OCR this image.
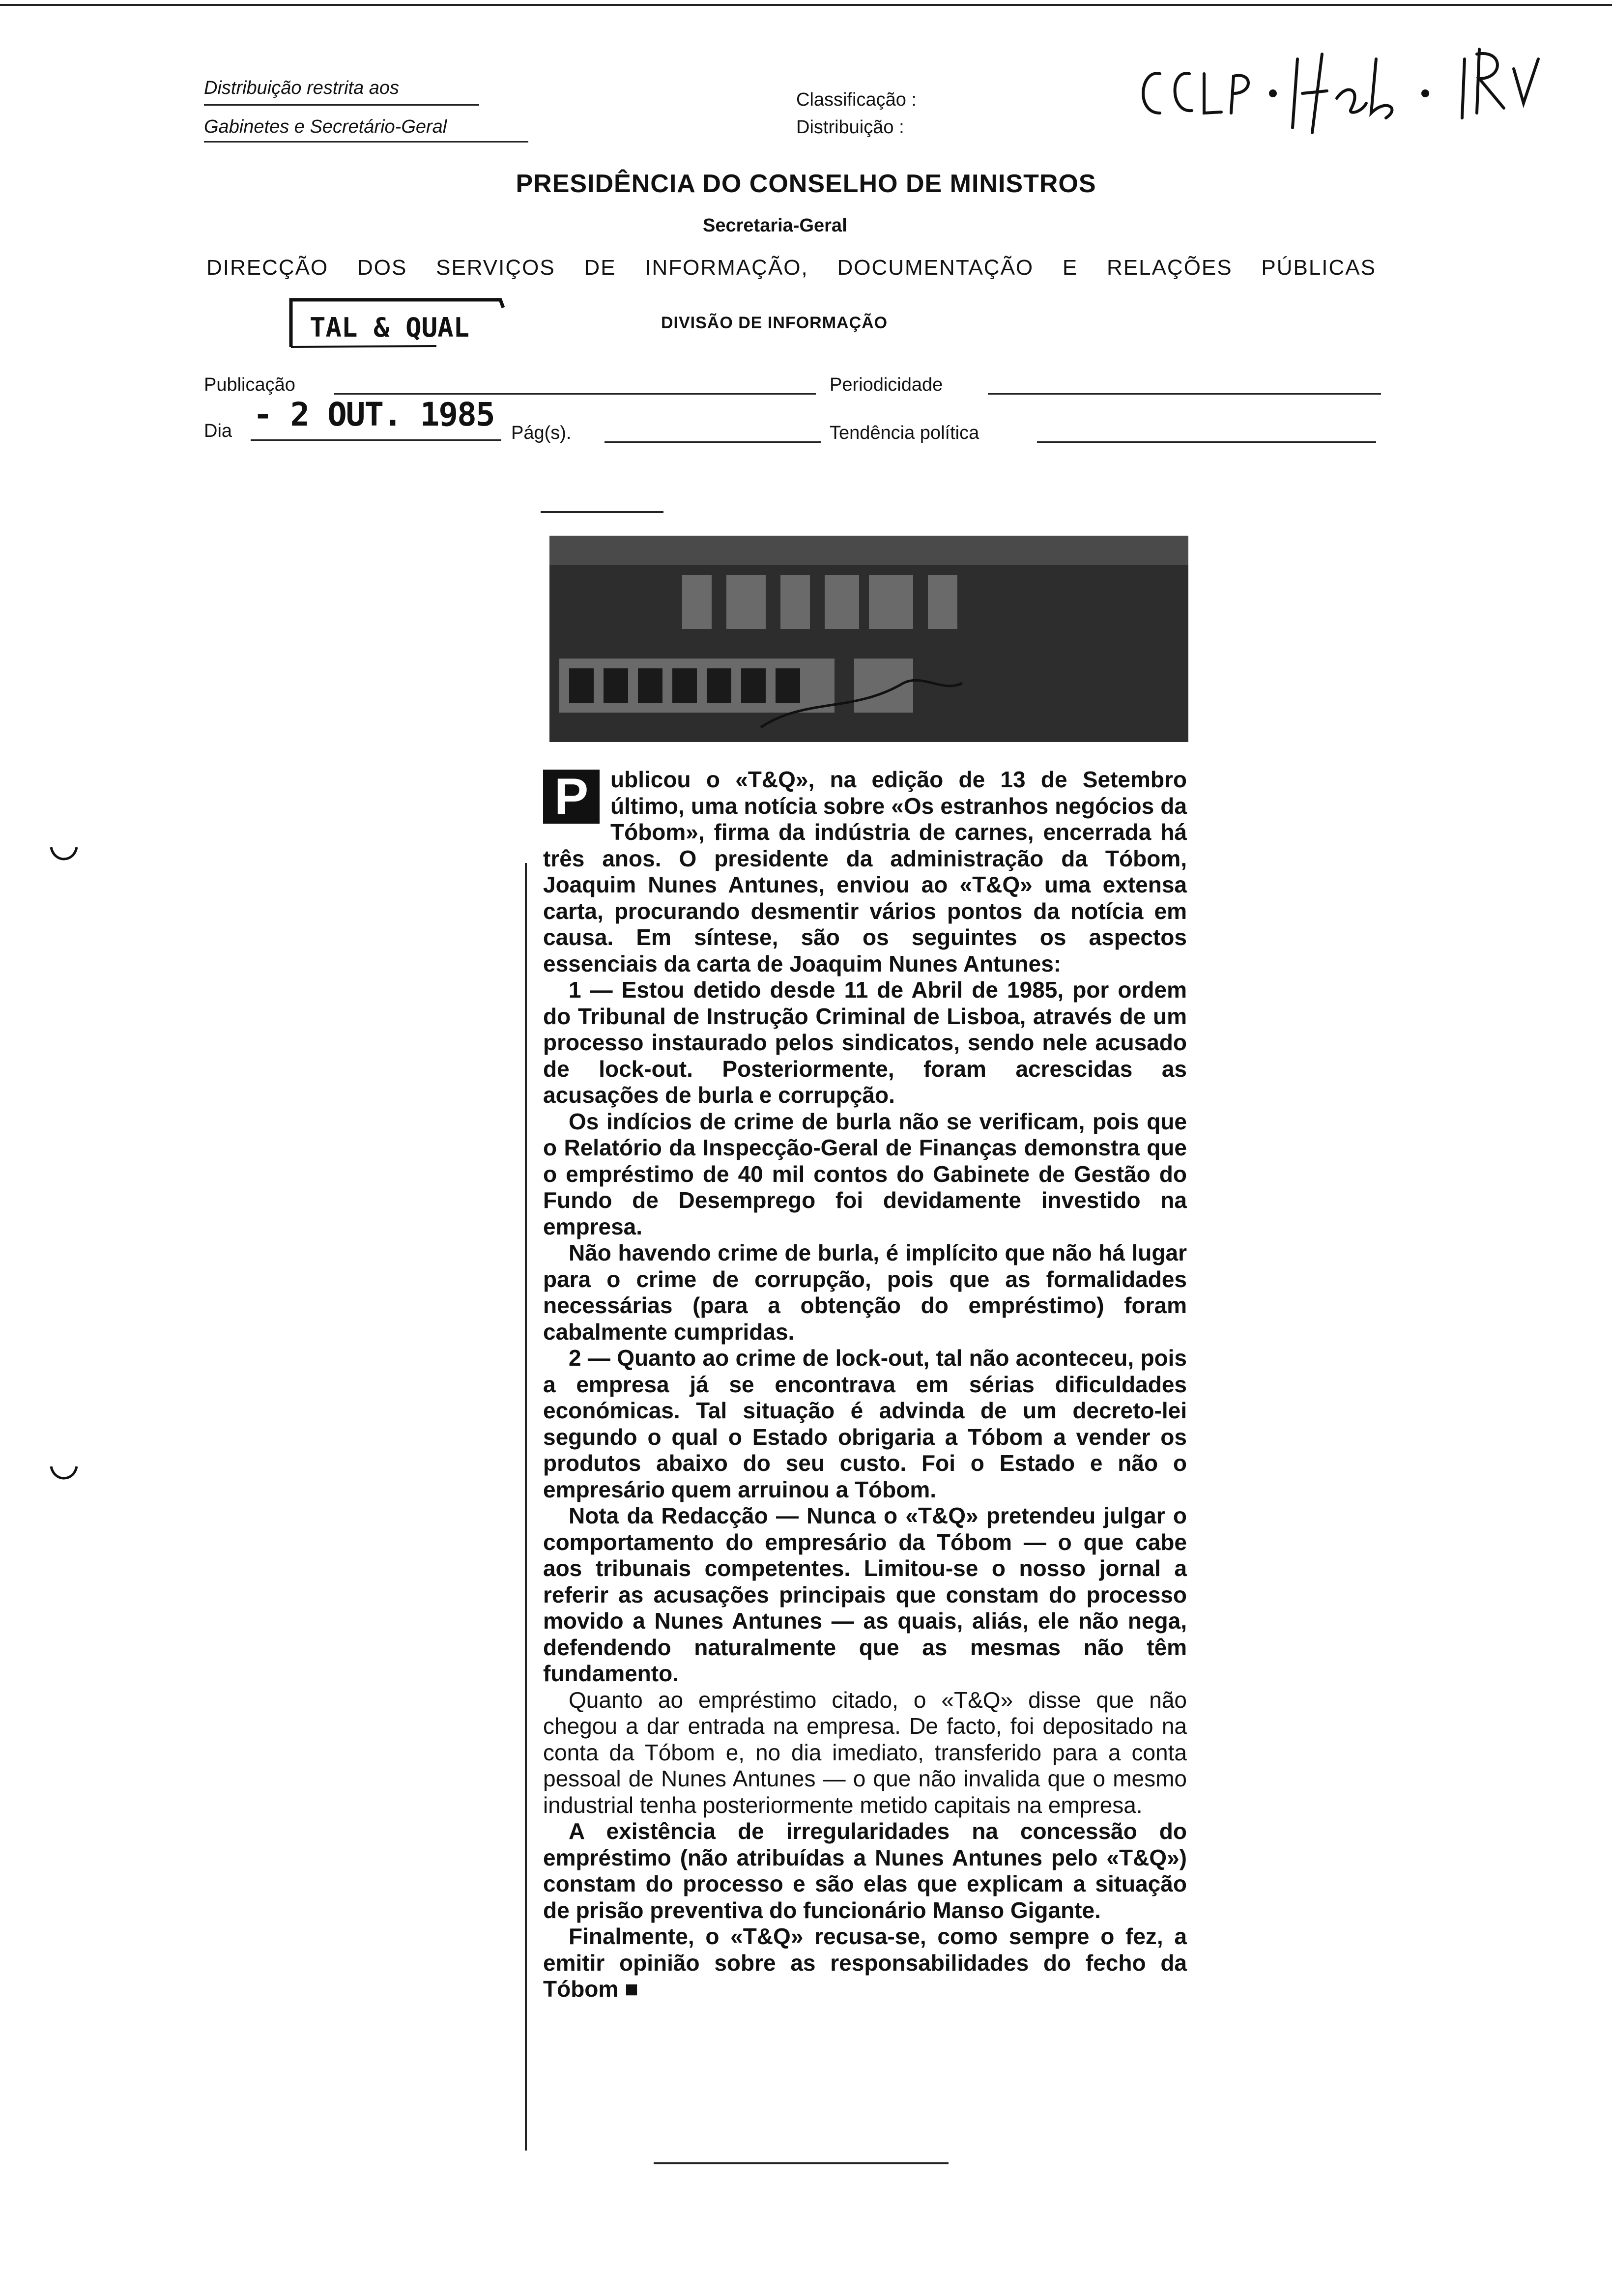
Distribuição restrita aos
Gabinetes e Secretário-Geral
Classificação :
Distribuição :
PRESIDÊNCIA DO CONSELHO DE MINISTROS
Secretaria-Geral
DIRECÇÃO DOS SERVIÇOS DE INFORMAÇÃO, DOCUMENTAÇÃO E RELAÇÕES PÚBLICAS
TAL & QUAL	DIVISÃO DE INFORMAÇÃO
Publicação	Periodicidade
Dia - 2 OUT. 1985 Pág(s).	Tendência política

P ublicou o «T&Q», na edição de 13 de Setembro último, uma notícia sobre «Os estranhos negócios da Tóbom», firma da indústria de carnes, encerrada há três anos. O presidente da administração da Tóbom, Joaquim Nunes Antunes, enviou ao «T&Q» uma extensa carta, procurando desmentir vários pontos da notícia em causa. Em síntese, são os seguintes os aspectos essenciais da carta de Joaquim Nunes Antunes:

1 — Estou detido desde 11 de Abril de 1985, por ordem do Tribunal de Instrução Criminal de Lisboa, através de um processo instaurado pelos sindicatos, sendo nele acusado de lock-out. Posteriormente, foram acrescidas as acusações de burla e corrupção.

Os indícios de crime de burla não se verificam, pois que o Relatório da Inspecção-Geral de Finanças demonstra que o empréstimo de 40 mil contos do Gabinete de Gestão do Fundo de Desemprego foi devidamente investido na empresa.

Não havendo crime de burla, é implícito que não há lugar para o crime de corrupção, pois que as formalidades necessárias (para a obtenção do empréstimo) foram cabalmente cumpridas.

2 — Quanto ao crime de lock-out, tal não aconteceu, pois a empresa já se encontrava em sérias dificuldades económicas. Tal situação é advinda de um decreto-lei segundo o qual o Estado obrigaria a Tóbom a vender os produtos abaixo do seu custo. Foi o Estado e não o empresário quem arruinou a Tóbom.

Nota da Redacção — Nunca o «T&Q» pretendeu julgar o comportamento do empresário da Tóbom — o que cabe aos tribunais competentes. Limitou-se o nosso jornal a referir as acusações principais que constam do processo movido a Nunes Antunes — as quais, aliás, ele não nega, defendendo naturalmente que as mesmas não têm fundamento.

Quanto ao empréstimo citado, o «T&Q» disse que não chegou a dar entrada na empresa. De facto, foi depositado na conta da Tóbom e, no dia imediato, transferido para a conta pessoal de Nunes Antunes — o que não invalida que o mesmo industrial tenha posteriormente metido capitais na empresa.

A existência de irregularidades na concessão do empréstimo (não atribuídas a Nunes Antunes pelo «T&Q») constam do processo e são elas que explicam a situação de prisão preventiva do funcionário Manso Gigante.

Finalmente, o «T&Q» recusa-se, como sempre o fez, a emitir opinião sobre as responsabilidades do fecho da Tóbom ■
